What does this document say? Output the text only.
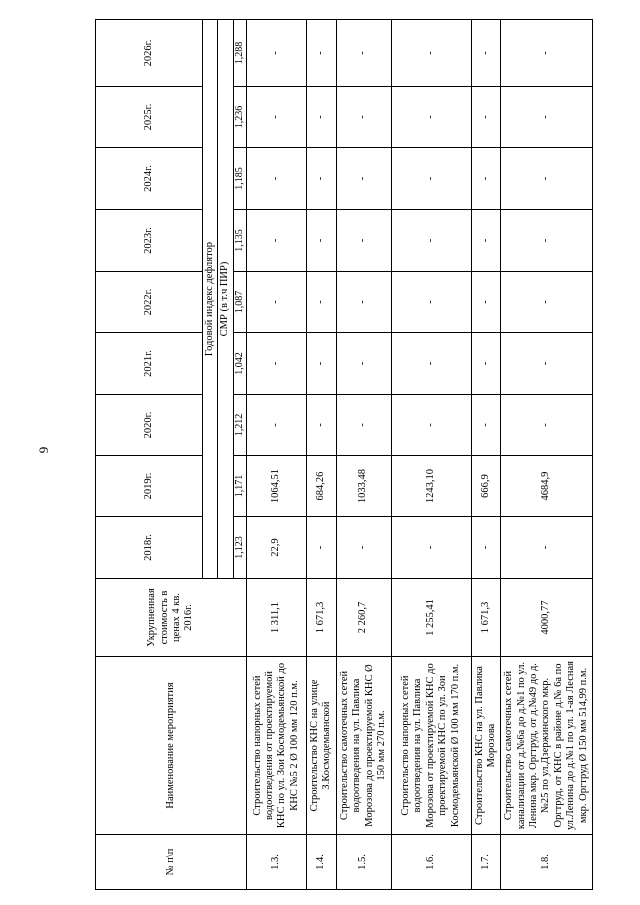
9
№ п\п	Наименование мероприятия	Укрупненная стоимость в ценах 4 кв. 2016г.	2018г.	2019г.	2020г.	2021г.	2022г.	2023г.	2024г.	2025г.	2026г.
			Годовой индекс дефлятор								
			СМР (в т.ч ПИР)								
			1,123	1,171	1,212	1,042	1,087	1,135	1,185	1,236	1,288
1.3.	Строительство напорных сетей водоотведения от проектируемой КНС по ул. Зои Космодемьянской до КНС №5 2 Ø 100 мм 120 п.м.	1 311,1	22,9	1064,51	-	-	-	-	-	-	-
1.4.	Строительство КНС на улице З.Космодемьянской	1 671,3	-	684,26	-	-	-	-	-	-	-
1.5.	Строительство самотечных сетей водоотведения на ул. Павлика Морозова до проектируемой КНС Ø 150 мм 270 п.м.	2 260,7	-	1033,48	-	-	-	-	-	-	-
1.6.	Строительство напорных сетей водоотведения на ул. Павлика Морозова от проектируемой КНС до проектируемой КНС по ул. Зои Космодемьянской Ø 100 мм 170 п.м.	1 255,41	-	1243,10	-	-	-	-	-	-	-
1.7.	Строительство КНС на ул. Павлика Морозова	1 671,3	-	666,9	-	-	-	-	-	-	-
1.8.	Строительство самотечных сетей канализации от д.№6а до д.№1 по ул. Ленина мкр. Оргтруд, от д.№49 до д.№25 по ул.Дзержинского мкр. Оргтруд, от КНС в районе д.№ 6а по ул.Ленина до д.№1 по ул. 1-ая Лесная мкр. Оргтруд Ø 150 мм 514,99 п.м.	4000,77	-	4684,9	-	-	-	-	-	-	-
